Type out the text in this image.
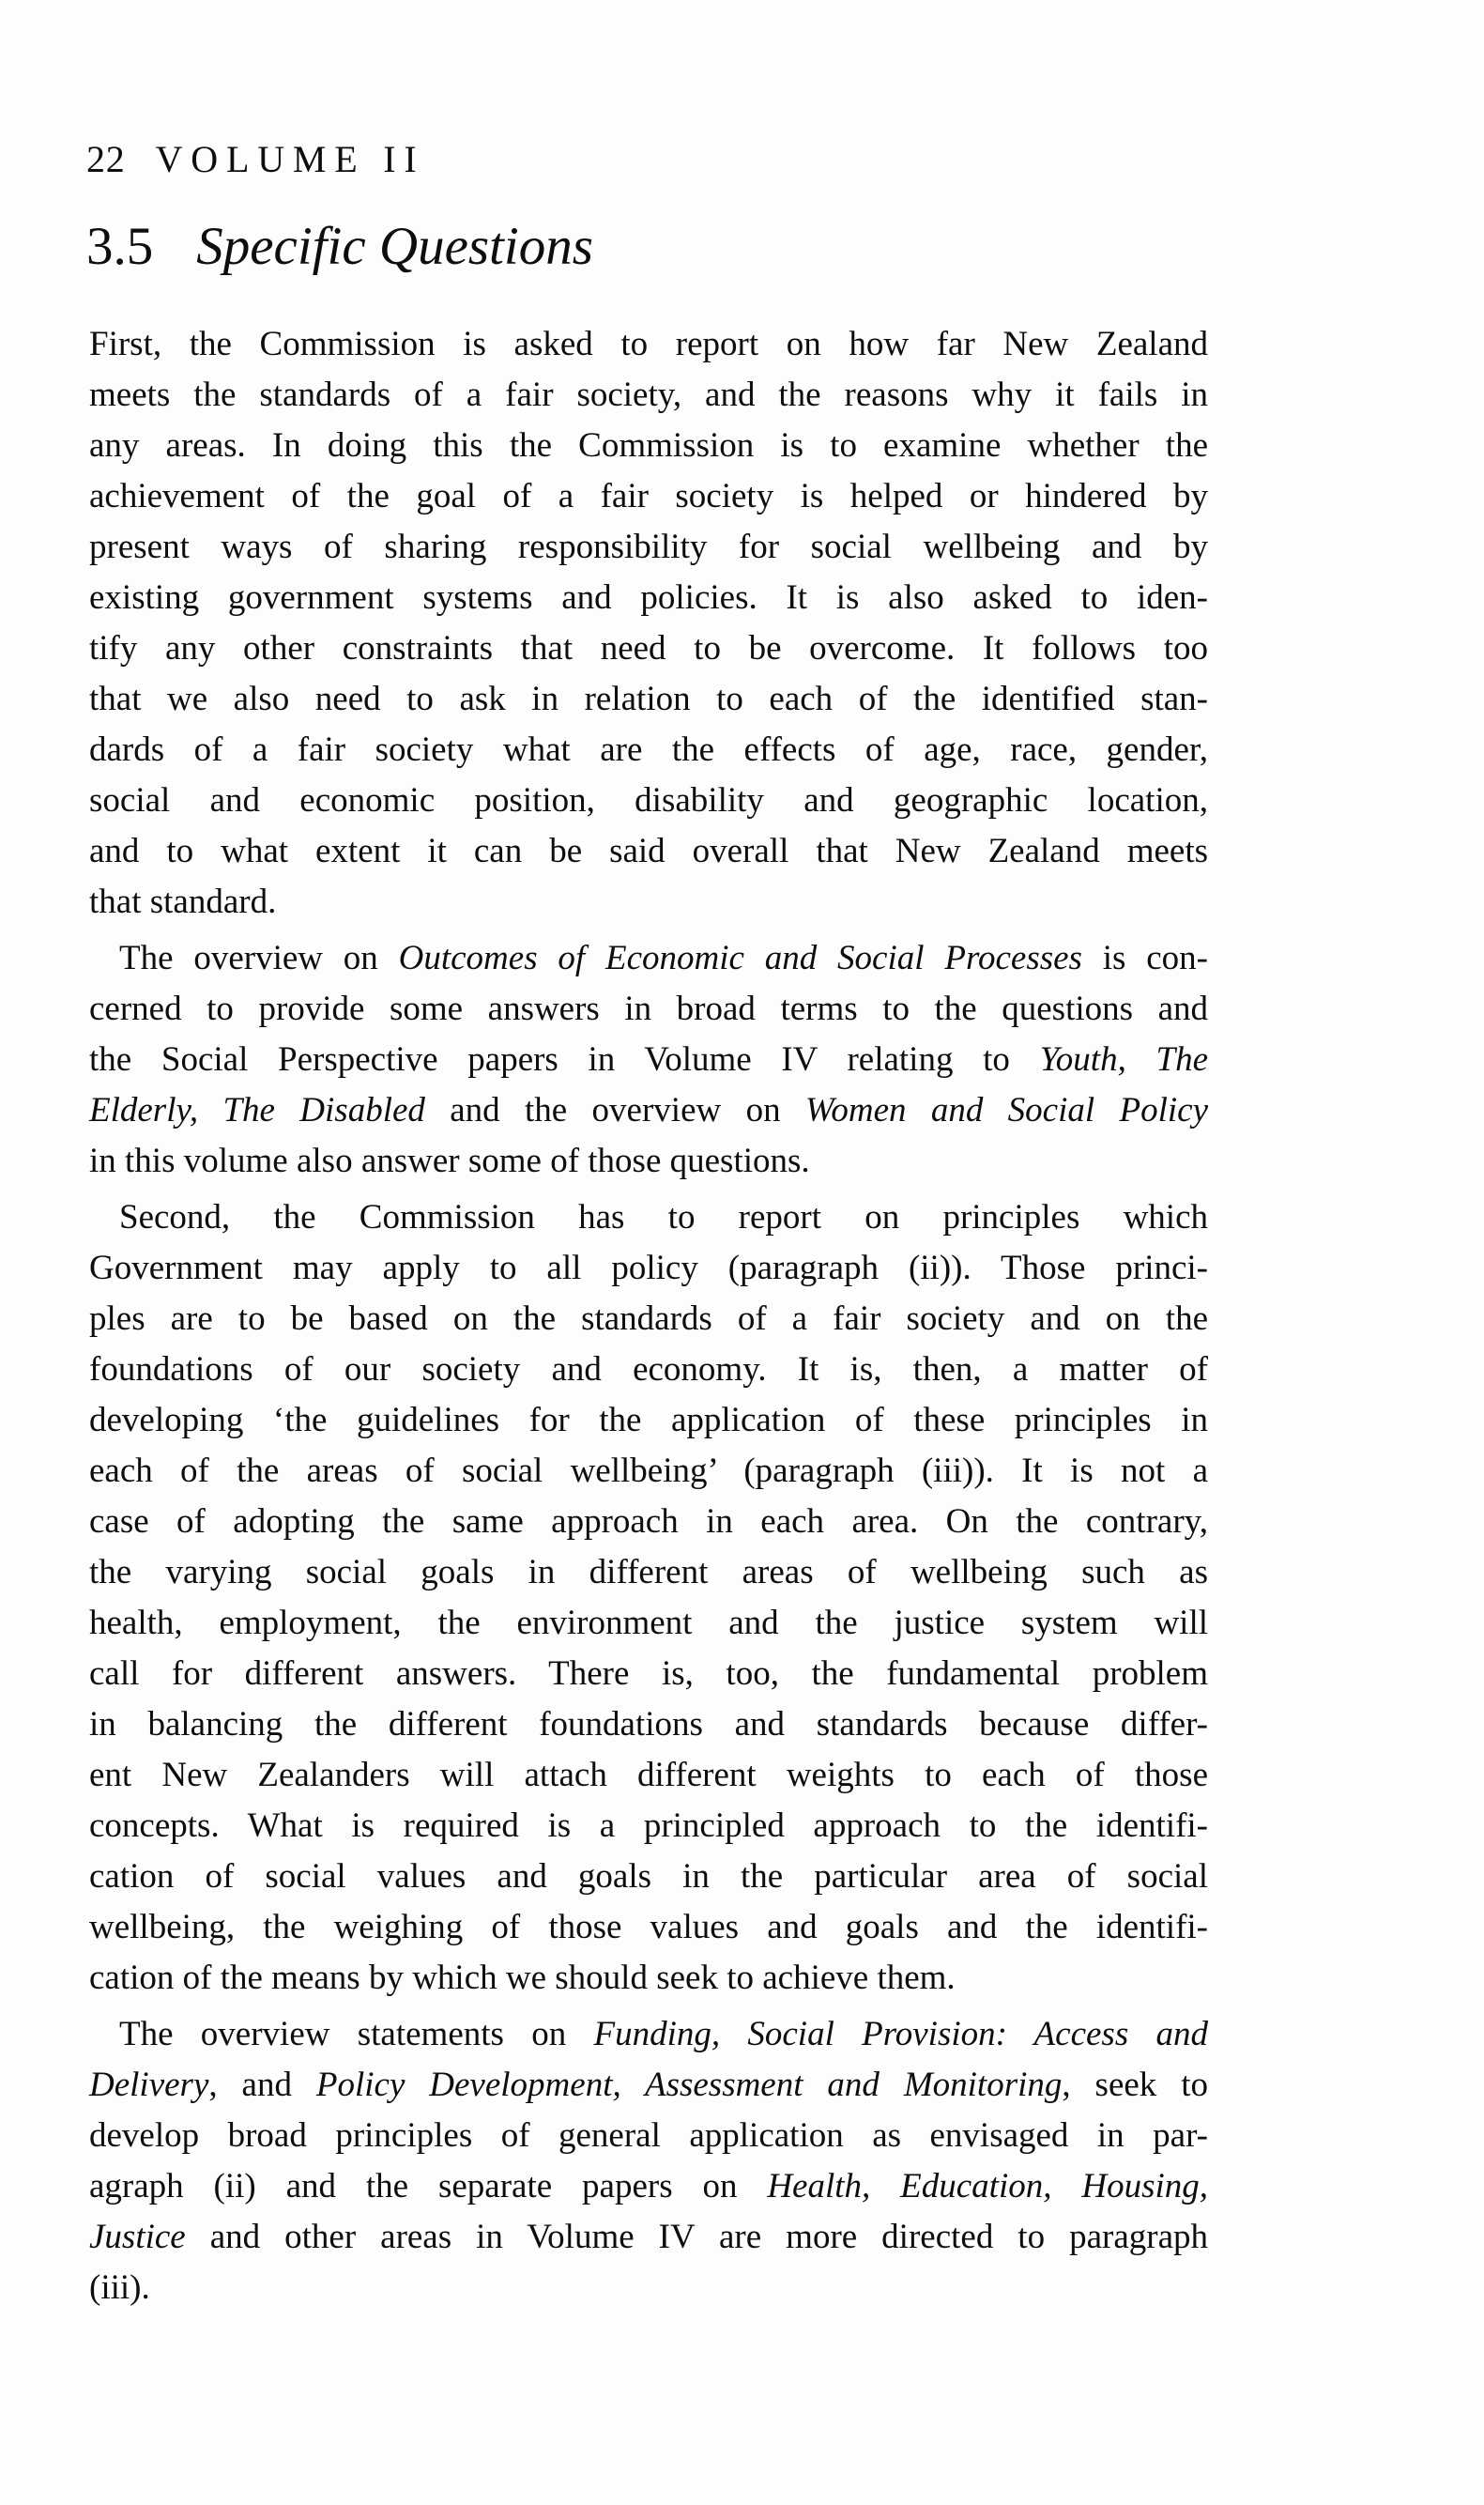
22 VOLUME II
3.5 Specific Questions
First, the Commission is asked to report on how far New Zealand
meets the standards of a fair society, and the reasons why it fails in
any areas. In doing this the Commission is to examine whether the
achievement of the goal of a fair society is helped or hindered by
present ways of sharing responsibility for social wellbeing and by
existing government systems and policies. It is also asked to iden-
tify any other constraints that need to be overcome. It follows too
that we also need to ask in relation to each of the identified stan-
dards of a fair society what are the effects of age, race, gender,
social and economic position, disability and geographic location,
and to what extent it can be said overall that New Zealand meets
that standard.
The overview on Outcomes of Economic and Social Processes is con-
cerned to provide some answers in broad terms to the questions and
the Social Perspective papers in Volume IV relating to Youth, The
Elderly, The Disabled and the overview on Women and Social Policy
in this volume also answer some of those questions.
Second, the Commission has to report on principles which
Government may apply to all policy (paragraph (ii)). Those princi-
ples are to be based on the standards of a fair society and on the
foundations of our society and economy. It is, then, a matter of
developing ‘the guidelines for the application of these principles in
each of the areas of social wellbeing’ (paragraph (iii)). It is not a
case of adopting the same approach in each area. On the contrary,
the varying social goals in different areas of wellbeing such as
health, employment, the environment and the justice system will
call for different answers. There is, too, the fundamental problem
in balancing the different foundations and standards because differ-
ent New Zealanders will attach different weights to each of those
concepts. What is required is a principled approach to the identifi-
cation of social values and goals in the particular area of social
wellbeing, the weighing of those values and goals and the identifi-
cation of the means by which we should seek to achieve them.
The overview statements on Funding, Social Provision: Access and
Delivery, and Policy Development, Assessment and Monitoring, seek to
develop broad principles of general application as envisaged in par-
agraph (ii) and the separate papers on Health, Education, Housing,
Justice and other areas in Volume IV are more directed to paragraph
(iii).
